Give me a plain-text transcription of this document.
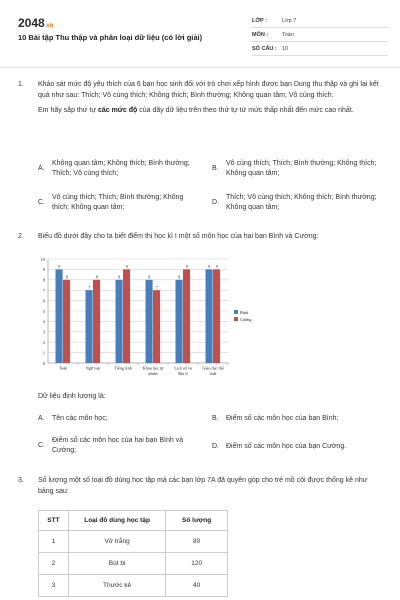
2048.vn
10 Bài tập Thu thập và phân loại dữ liệu (có lời giải)
LỚP :	Lớp 7
MÔN :	Toán
SỐ CÂU : 10
1. Khảo sát mức độ yêu thích của 6 bạn học sinh đối với trò chơi xếp hình được bạn Dung thu thập và ghi lại kết quả như sau: Thích; Vô cùng thích; Không thích; Bình thường; Không quan tâm; Vô cùng thích.
Em hãy sắp thứ tự các mức độ của dãy dữ liệu trên theo thứ tự từ mức thấp nhất đến mức cao nhất.
A.
Không quan tâm; Không thích; Bình thường; Thích; Vô cùng thích;
B.
Vô cùng thích; Thích; Bình thường; Không thích; Không quan tâm;
C.
Vô cùng thích; Thích; Bình thường; Không thích; Không quan tâm;
D.
Thích; Vô cùng thích; Không thích; Bình thường; Không quan tâm;
2. Biểu đồ dưới đây cho ta biết điểm thi học kì I một số môn học của hai bạn Bình và Cường:
0
1
2
3
4
5
6
7
8
9
10
9
8
Toán
7
8
Ngữ văn
8
9
Tiếng Anh
8
7
Khoa học tự
nhiên
8
9
Lịch sử và
Địa lí
9 9
Giáo dục thể
chất
Bình
Cường
Dữ liệu định lượng là:
A. Tên các môn học;	B. Điểm số các môn học của bạn Bình;
C.
Điểm số các môn học của hai bạn Bình và Cường;
D. Điểm số các môn học của bạn Cường.
3. Số lượng một số loại đồ dùng học tập mà các bạn lớp 7A đã quyên góp cho trẻ mồ côi được thống kê như bảng sau:
STT	Loại đồ dùng học tập	Số lượng
1	Vở trắng	80
2	Bút bi	120
3	Thước kẻ	40
